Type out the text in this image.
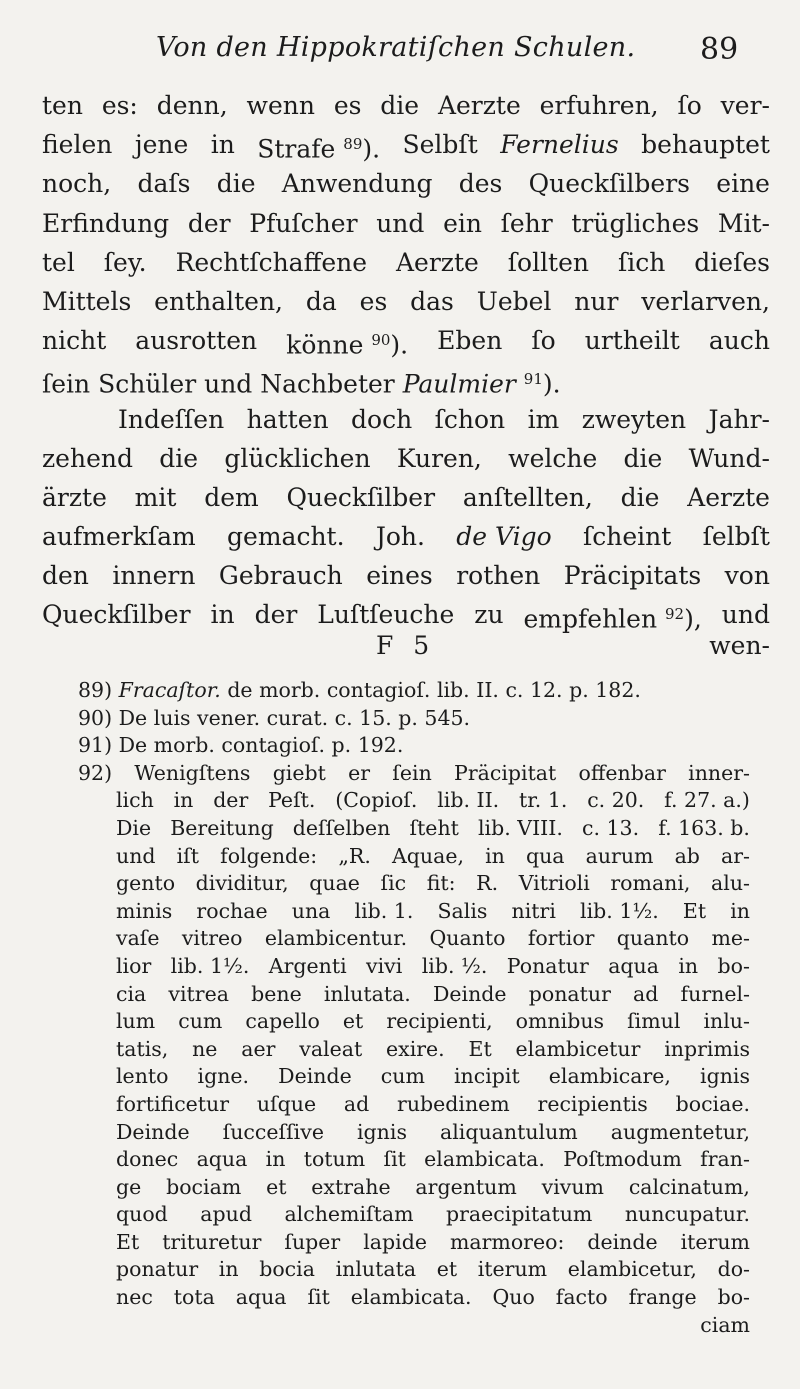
Von den Hippokratiſchen Schulen. 89
ten es: denn, wenn es die Aerzte erfuhren, ſo ver-
fielen jene in Strafe 89). Selbſt Fernelius behauptet
noch, daſs die Anwendung des Queckſilbers eine
Erfindung der Pfuſcher und ein ſehr trügliches Mit-
tel ſey. Rechtſchaffene Aerzte ſollten ſich dieſes
Mittels enthalten, da es das Uebel nur verlarven,
nicht ausrotten könne 90). Eben ſo urtheilt auch
ſein Schüler und Nachbeter Paulmier 91).
Indeſſen hatten doch ſchon im zweyten Jahr-
zehend die glücklichen Kuren, welche die Wund-
ärzte mit dem Queckſilber anſtellten, die Aerzte
aufmerkſam gemacht. Joh. de Vigo ſcheint ſelbſt
den innern Gebrauch eines rothen Präcipitats von
Queckſilber in der Luſtſeuche zu empfehlen 92), und
F 5	wen-
89) Fracaſtor. de morb. contagioſ. lib. II. c. 12. p. 182.
90) De luis vener. curat. c. 15. p. 545.
91) De morb. contagioſ. p. 192.
92) Wenigſtens giebt er ſein Präcipitat offenbar inner-
lich in der Peſt. (Copioſ. lib. II. tr. 1. c. 20. f. 27. a.)
Die Bereitung deſſelben ſteht lib. VIII. c. 13. f. 163. b.
und iſt folgende: „R. Aquae, in qua aurum ab ar-
gento dividitur, quae ſic fit: R. Vitrioli romani, alu-
minis rochae una lib. 1. Salis nitri lib. 1½. Et in
vaſe vitreo elambicentur. Quanto fortior quanto me-
lior lib. 1½. Argenti vivi lib. ½. Ponatur aqua in bo-
cia vitrea bene inlutata. Deinde ponatur ad furnel-
lum cum capello et recipienti, omnibus ſimul inlu-
tatis, ne aer valeat exire. Et elambicetur inprimis
lento igne. Deinde cum incipit elambicare, ignis
fortificetur uſque ad rubedinem recipientis bociae.
Deinde ſucceſſive ignis aliquantulum augmentetur,
donec aqua in totum ſit elambicata. Poſtmodum fran-
ge bociam et extrahe argentum vivum calcinatum,
quod apud alchemiſtam praecipitatum nuncupatur.
Et trituretur ſuper lapide marmoreo: deinde iterum
ponatur in bocia inlutata et iterum elambicetur, do-
nec tota aqua ſit elambicata. Quo facto frange bo-
ciam
